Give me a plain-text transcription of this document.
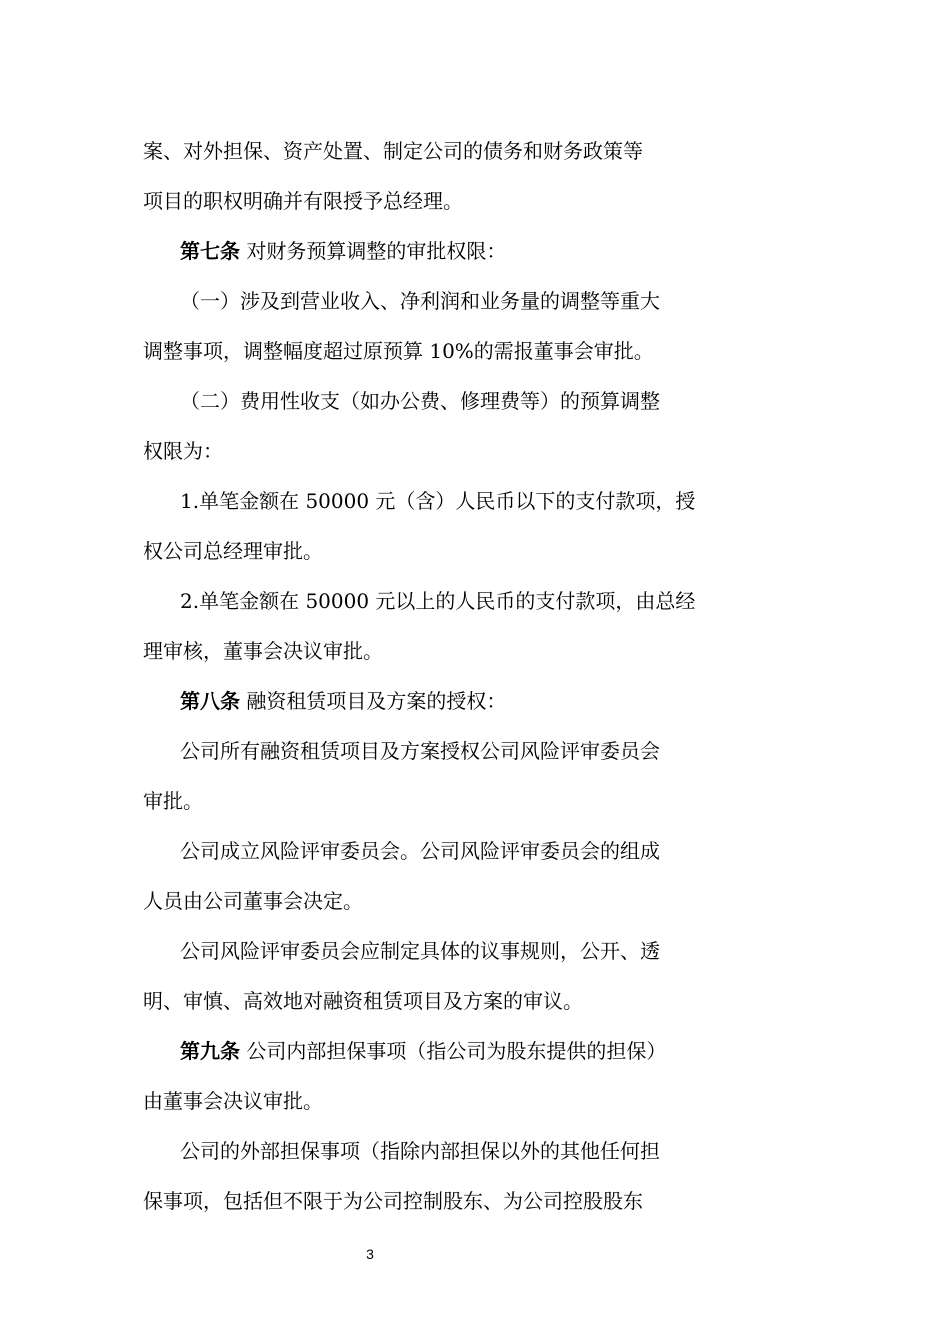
案、对外担保、资产处置、制定公司的债务和财务政策等
项目的职权明确并有限授予总经理。
第七条 对财务预算调整的审批权限：
（一）涉及到营业收入、净利润和业务量的调整等重大
调整事项，调整幅度超过原预算 10%的需报董事会审批。
（二）费用性收支（如办公费、修理费等）的预算调整
权限为：
1.单笔金额在 50000 元（含）人民币以下的支付款项，授
权公司总经理审批。
2.单笔金额在 50000 元以上的人民币的支付款项，由总经
理审核，董事会决议审批。
第八条 融资租赁项目及方案的授权：
公司所有融资租赁项目及方案授权公司风险评审委员会
审批。
公司成立风险评审委员会。公司风险评审委员会的组成
人员由公司董事会决定。
公司风险评审委员会应制定具体的议事规则，公开、透
明、审慎、高效地对融资租赁项目及方案的审议。
第九条 公司内部担保事项（指公司为股东提供的担保）
由董事会决议审批。
公司的外部担保事项（指除内部担保以外的其他任何担
保事项，包括但不限于为公司控制股东、为公司控股股东
3
